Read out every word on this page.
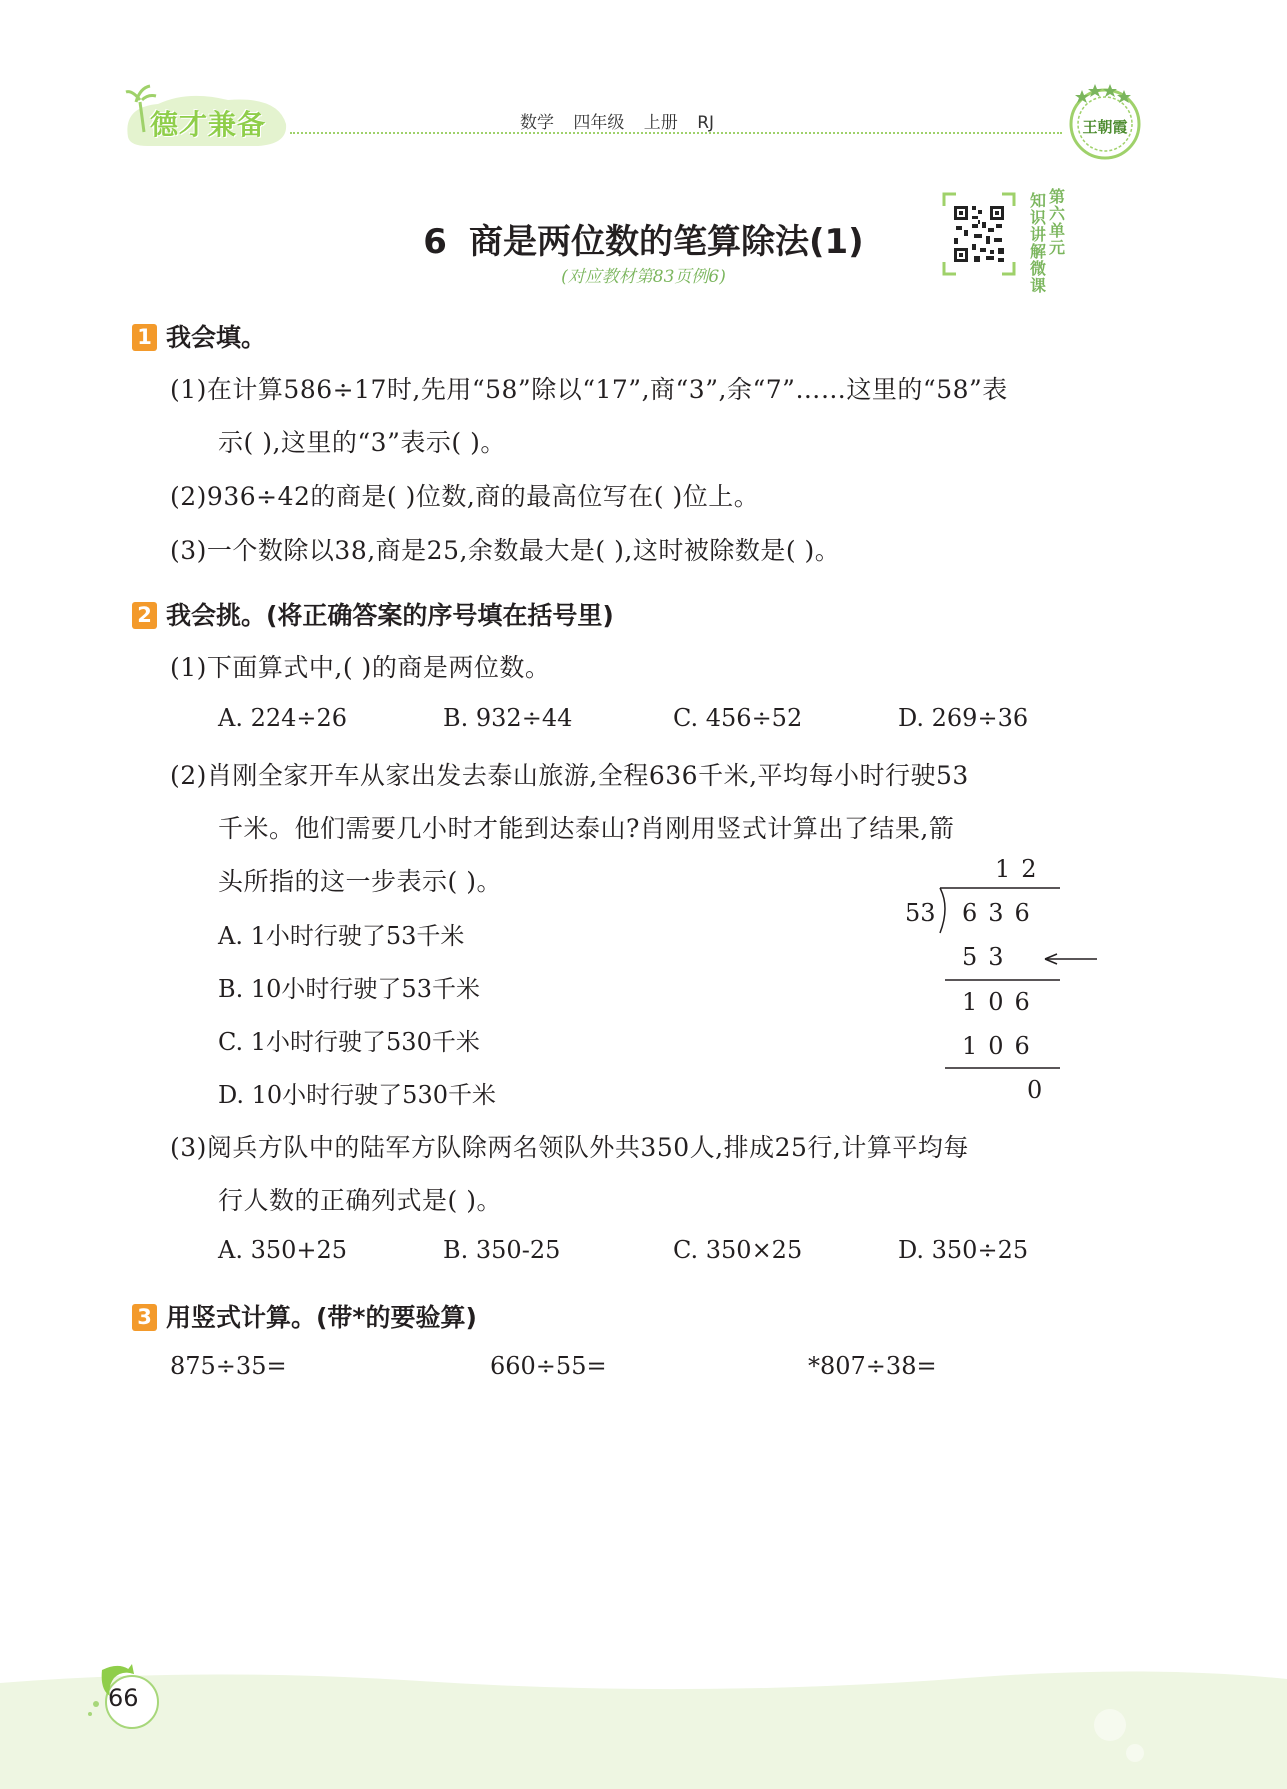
德才兼备	数学 四年级 上册 RJ	王朝霞
6 商是两位数的笔算除法(1)
(对应教材第83页例6)
知
识
讲
解
微
课
第
六
单
元
1 我会填。
(1)在计算586÷17时,先用“58”除以“17”,商“3”,余“7”……这里的“58”表
示( ),这里的“3”表示( )。
(2)936÷42的商是( )位数,商的最高位写在( )位上。
(3)一个数除以38,商是25,余数最大是( ),这时被除数是( )。
2 我会挑。(将正确答案的序号填在括号里)
(1)下面算式中,( )的商是两位数。
A. 224÷26	B. 932÷44	C. 456÷52	D. 269÷36
(2)肖刚全家开车从家出发去泰山旅游,全程636千米,平均每小时行驶53
千米。他们需要几小时才能到达泰山?肖刚用竖式计算出了结果,箭
头所指的这一步表示( )。
A. 1小时行驶了53千米
B. 10小时行驶了53千米
C. 1小时行驶了530千米
D. 10小时行驶了530千米
12
53 636
53
106
106
0
(3)阅兵方队中的陆军方队除两名领队外共350人,排成25行,计算平均每
行人数的正确列式是( )。
A. 350+25	B. 350-25	C. 350×25	D. 350÷25
3 用竖式计算。(带*的要验算)
875÷35=	660÷55=	*807÷38=
66
